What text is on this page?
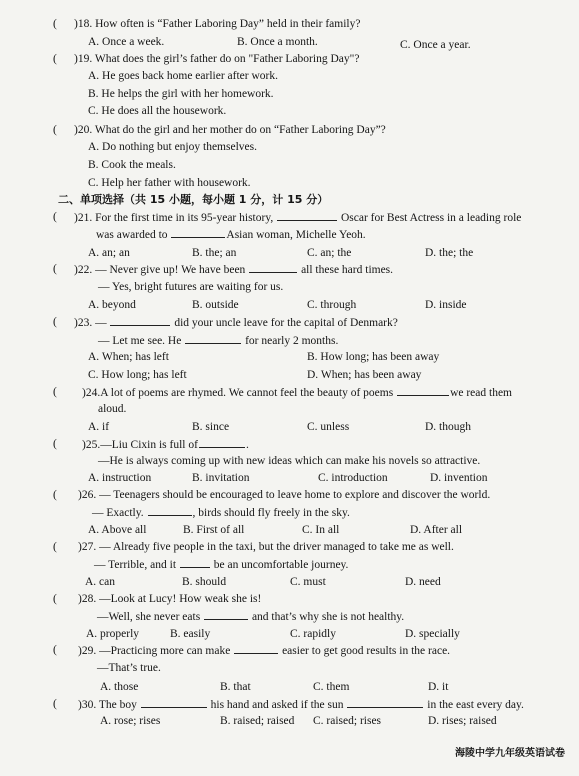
( )18. How often is “Father Laboring Day” held in their family?
A. Once a week.	B. Once a month.	C. Once a year.
( )19. What does the girl’s father do on "Father Laboring Day"?
A. He goes back home earlier after work.
B. He helps the girl with her homework.
C. He does all the housework.
( )20. What do the girl and her mother do on “Father Laboring Day”?
A. Do nothing but enjoy themselves.
B. Cook the meals.
C. Help her father with housework.
二、单项选择（共 15 小题，每小题 1 分，计 15 分）
( )21. For the first time in its 95-year history,	Oscar for Best Actress in a leading role
was awarded to	Asian woman, Michelle Yeoh.
A. an; an	B. the; an	C. an; the	D. the; the
( )22. — Never give up! We have been	all these hard times.
— Yes, bright futures are waiting for us.
A. beyond	B. outside	C. through	D. inside
( )23. —	did your uncle leave for the capital of Denmark?
— Let me see. He	for nearly 2 months.
A. When; has left	B. How long; has been away
C. How long; has left	D. When; has been away
( )24.A lot of poems are rhymed. We cannot feel the beauty of poems	we read them
aloud.
A. if	B. since	C. unless	D. though
( )25.—Liu Cixin is full of	.
—He is always coming up with new ideas which can make his novels so attractive.
A. instruction	B. invitation	C. introduction	D. invention
( )26. — Teenagers should be encouraged to leave home to explore and discover the world.
— Exactly.	, birds should fly freely in the sky.
A. Above all	B. First of all	C. In all	D. After all
( )27. — Already five people in the taxi, but the driver managed to take me as well.
— Terrible, and it	be an uncomfortable journey.
A. can	B. should	C. must	D. need
( )28. —Look at Lucy! How weak she is!
—Well, she never eats	and that’s why she is not healthy.
A. properly	B. easily	C. rapidly	D. specially
( )29. —Practicing more can make	easier to get good results in the race.
—That’s true.
A. those	B. that	C. them	D. it
( )30. The boy	his hand and asked if the sun	in the east every day.
A. rose; rises	B. raised; raised C. raised; rises	D. rises; raised
海陵中学九年级英语试卷
